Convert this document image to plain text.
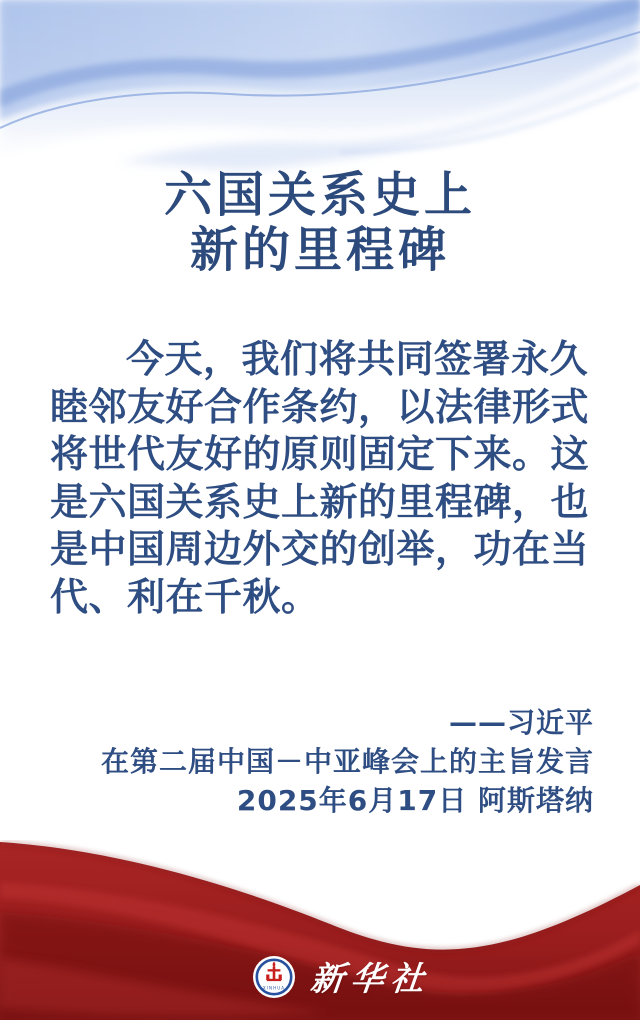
六国关系史上
新的里程碑

今天，我们将共同签署永久

睦邻友好合作条约，以法律形式

将世代友好的原则固定下来。这

是六国关系史上新的里程碑，也

是中国周边外交的创举，功在当

代、利在千秋。

——习近平
在第二届中国－中亚峰会上的主旨发言
2025年6月17日 阿斯塔纳
XINHUA 新华社
